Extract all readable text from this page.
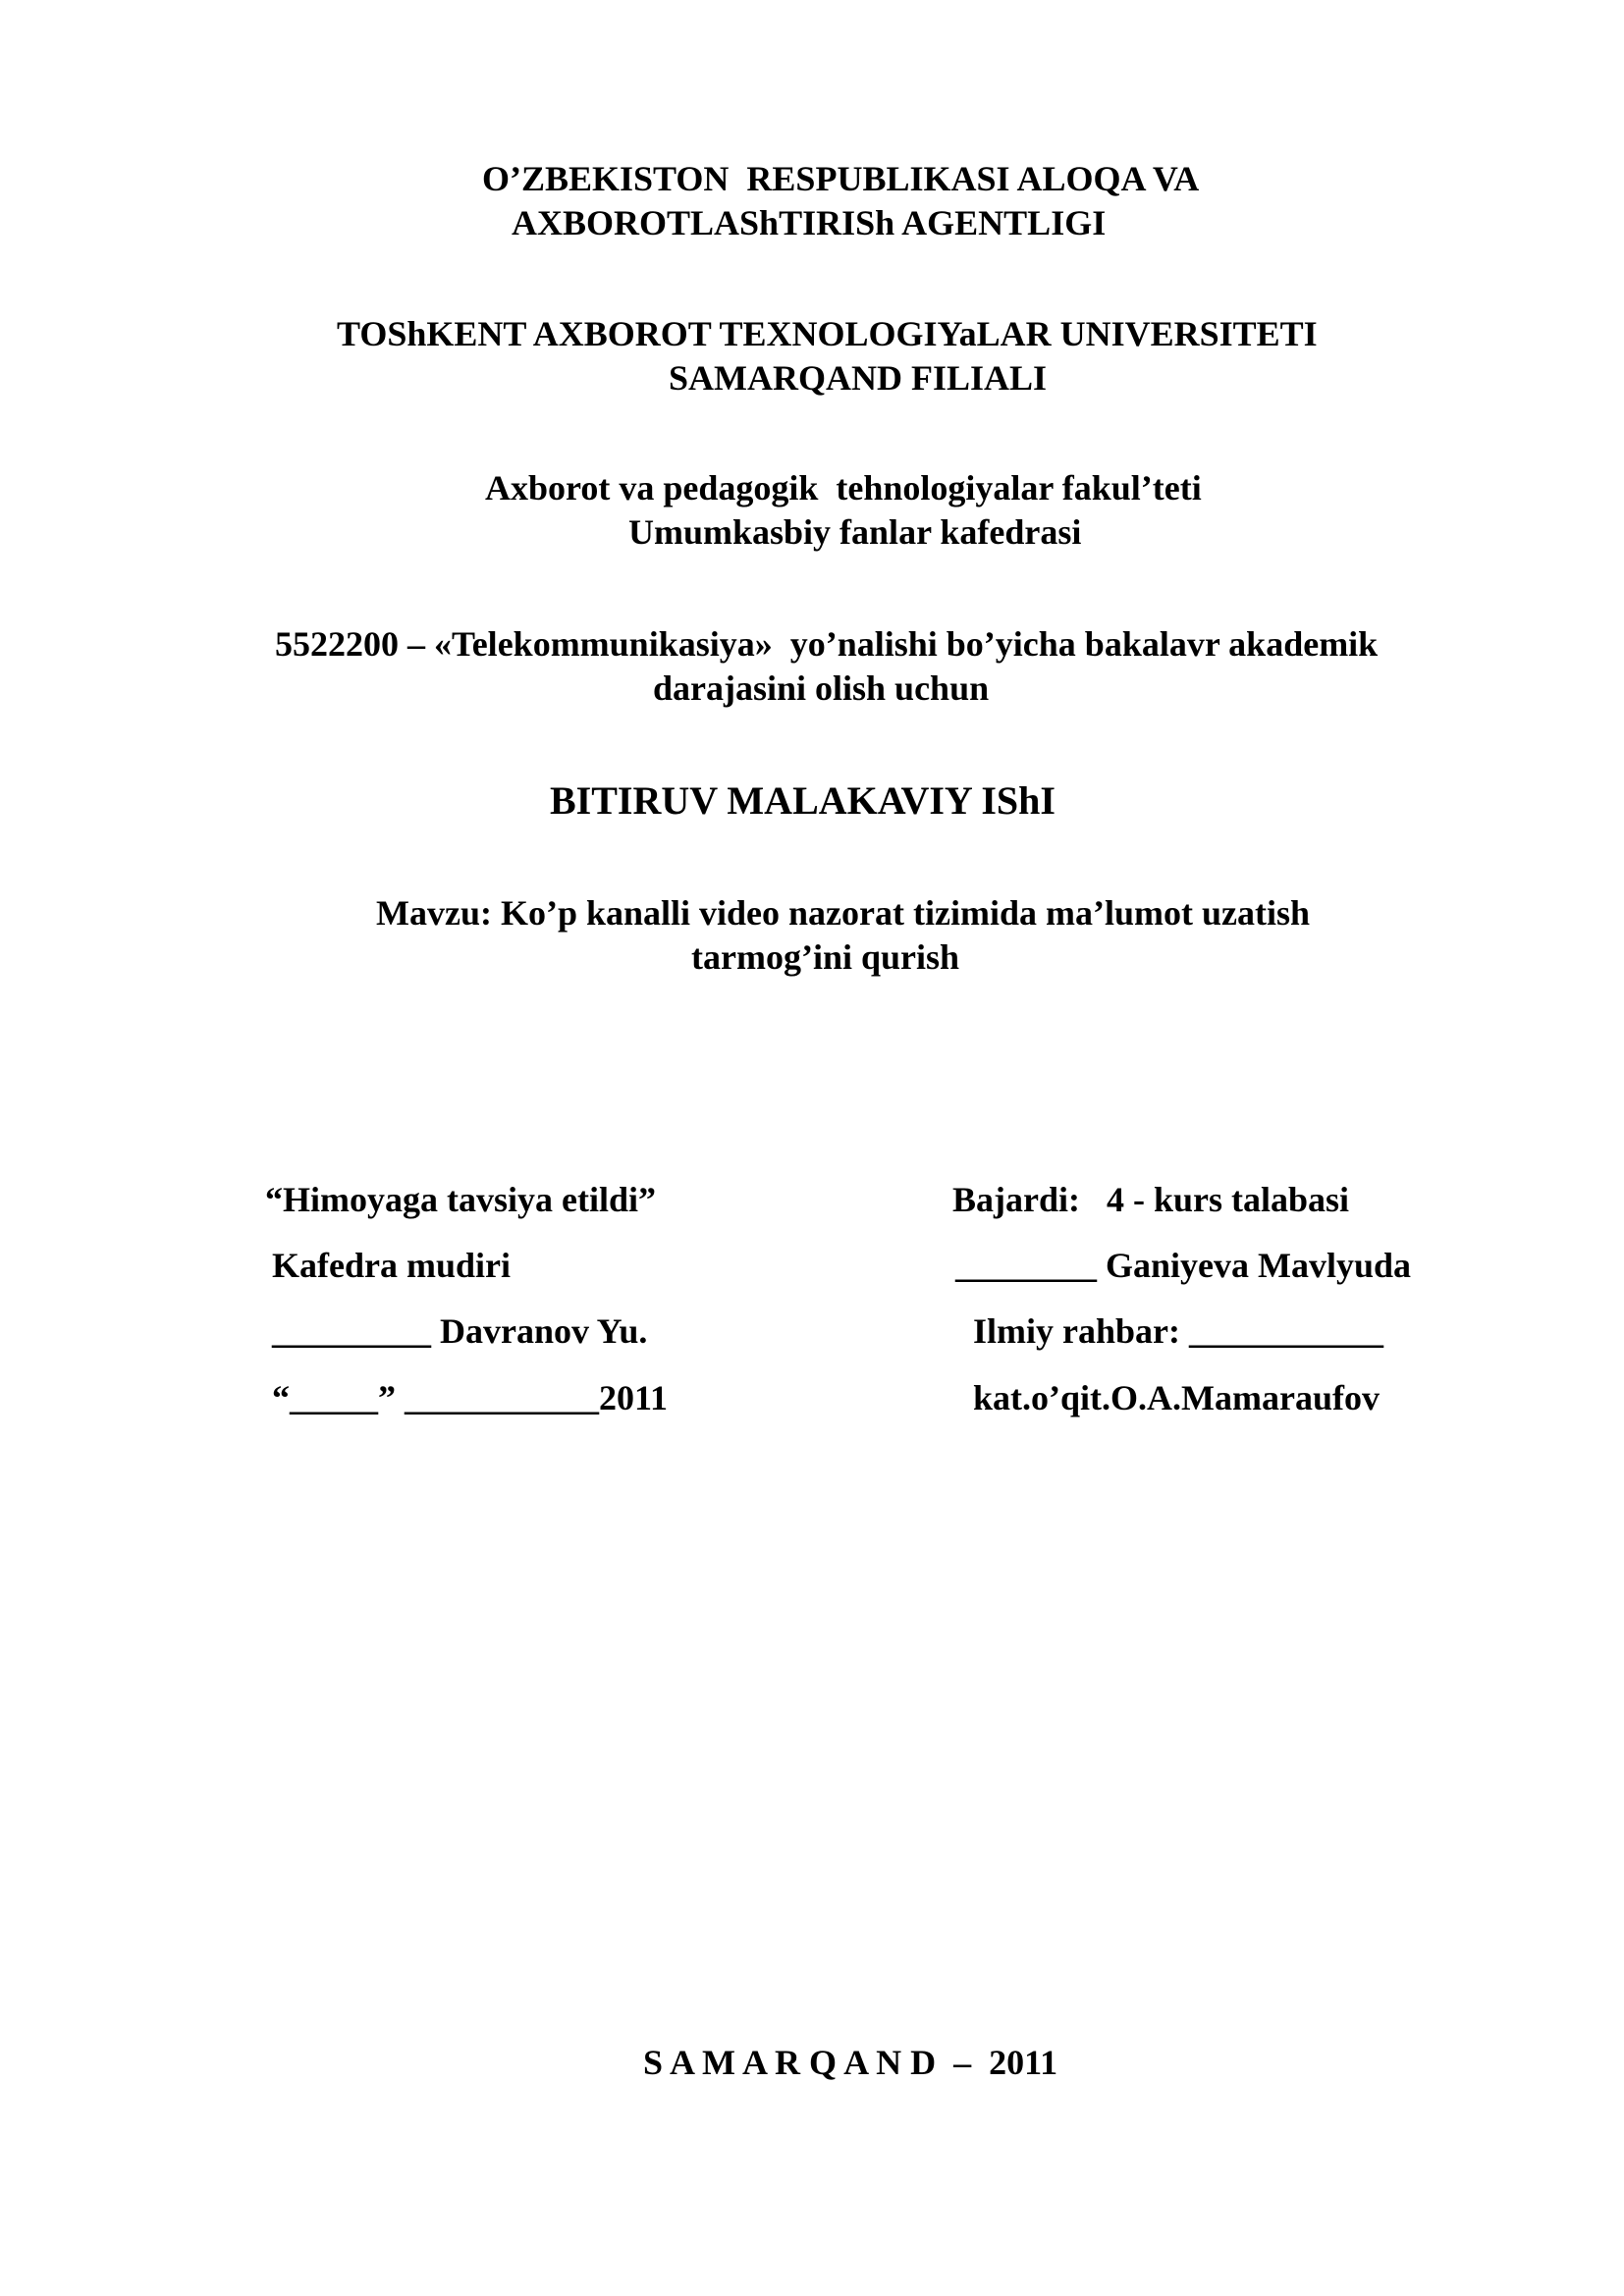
O’ZBEKISTON  RESPUBLIKASI ALOQA VA
AXBOROTLAShTIRISh AGENTLIGI
TOShKENT AXBOROT TEXNOLOGIYaLAR UNIVERSITETI
SAMARQAND FILIALI
Axborot va pedagogik  tehnologiyalar fakul’teti
Umumkasbiy fanlar kafedrasi
5522200 – «Telekommunikasiya»  yo’nalishi bo’yicha bakalavr akademik
darajasini olish uchun
BITIRUV MALAKAVIY IShI
Mavzu: Ko’p kanalli video nazorat tizimida ma’lumot uzatish
tarmog’ini qurish
“Himoyaga tavsiya etildi”
Kafedra mudiri
_________ Davranov Yu.
“_____” ___________2011
Bajardi:   4 - kurs talabasi
________ Ganiyeva Mavlyuda
Ilmiy rahbar: ___________
kat.o’qit.O.A.Mamaraufov
S A M A R Q A N D  –  2011
